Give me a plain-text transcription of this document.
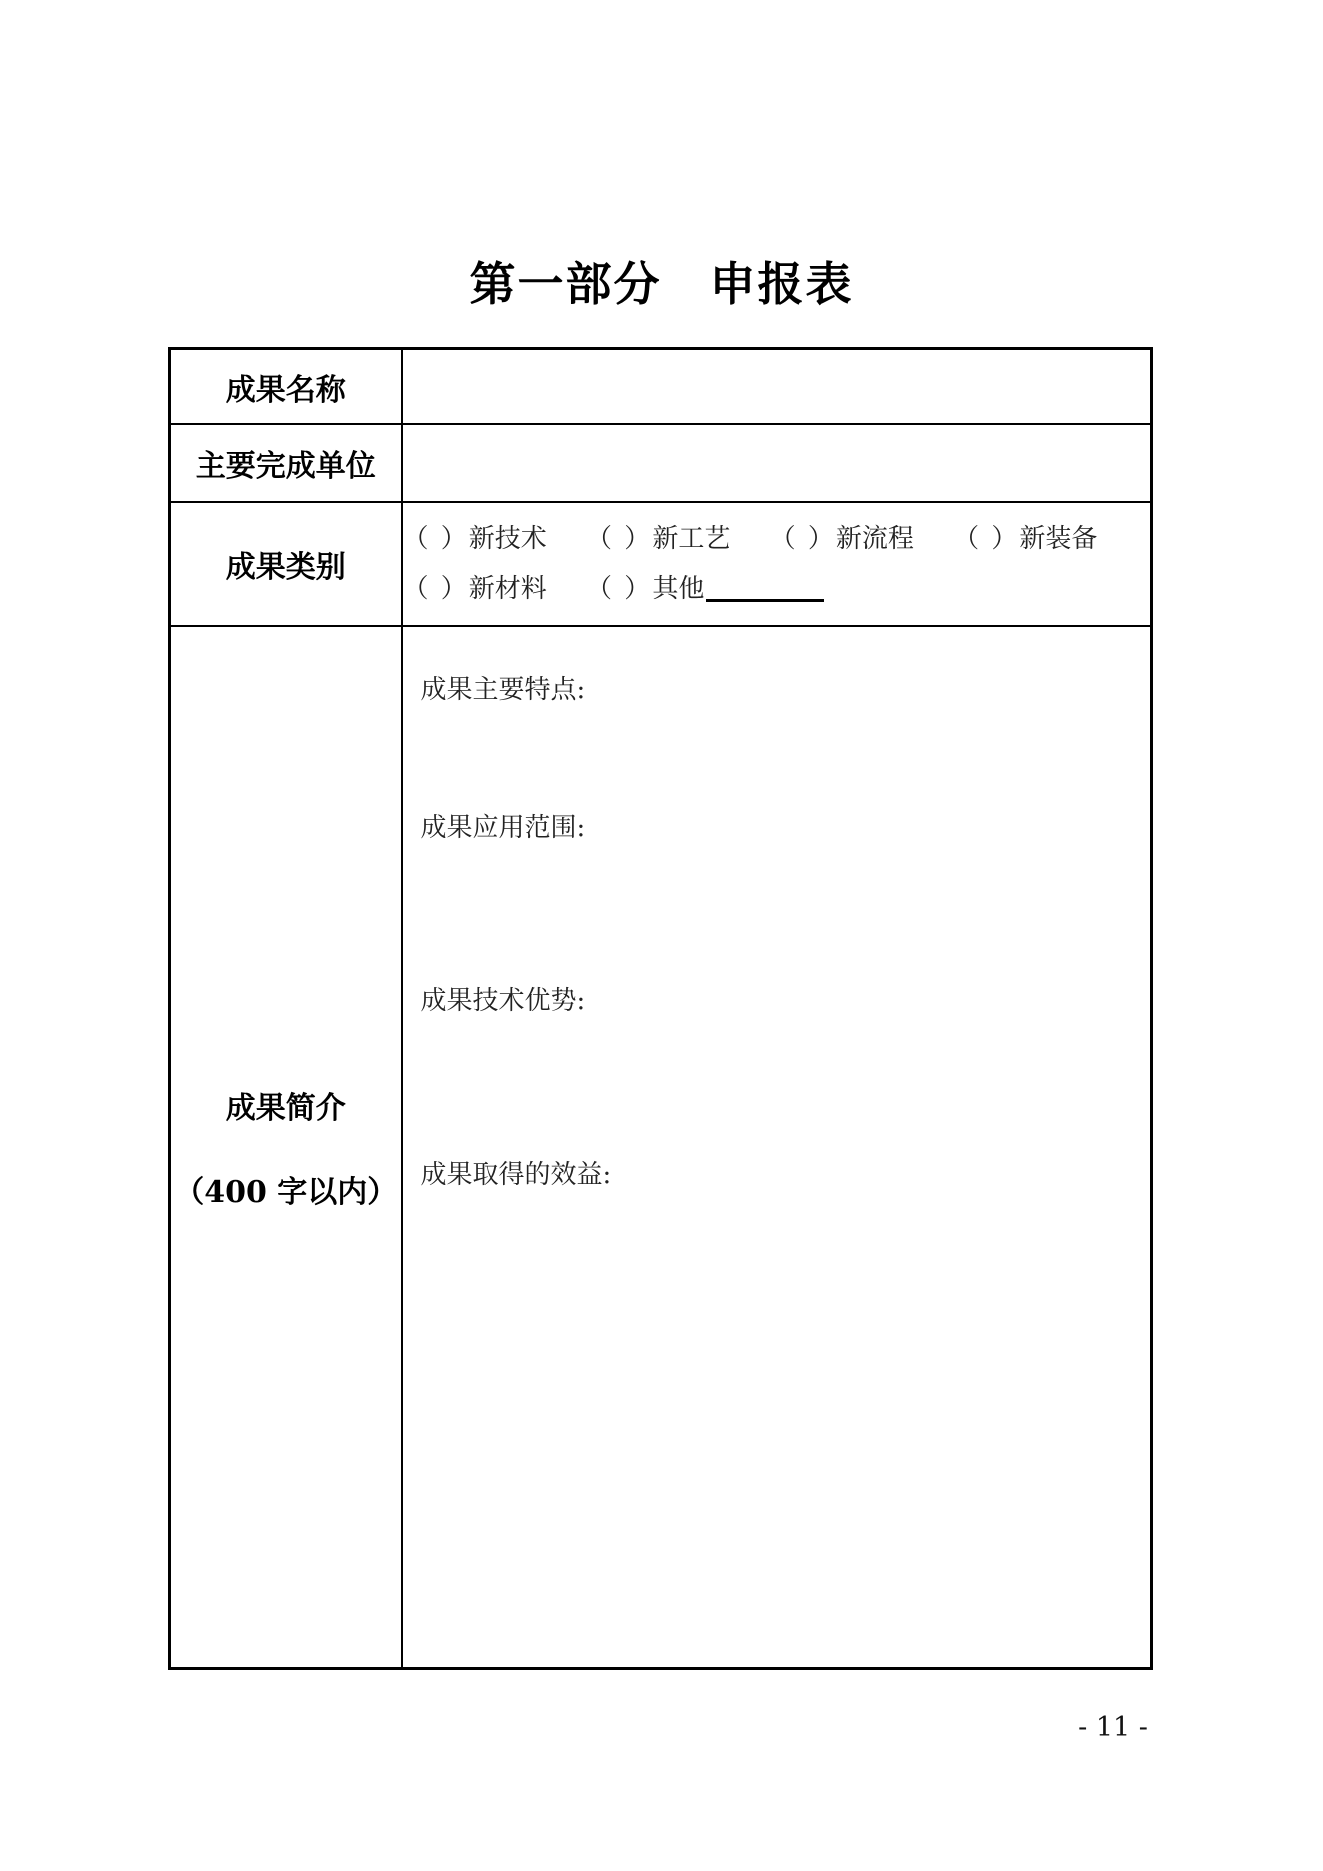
第一部分　申报表
成果名称	
主要完成单位	
成果类别	（ ）新技术 （ ）新工艺 （ ）新流程 （ ）新装备
（ ）新材料 （ ）其他

成果简介
（400 字以内）

成果主要特点:
成果应用范围:
成果技术优势:
成果取得的效益:
- 11 -
